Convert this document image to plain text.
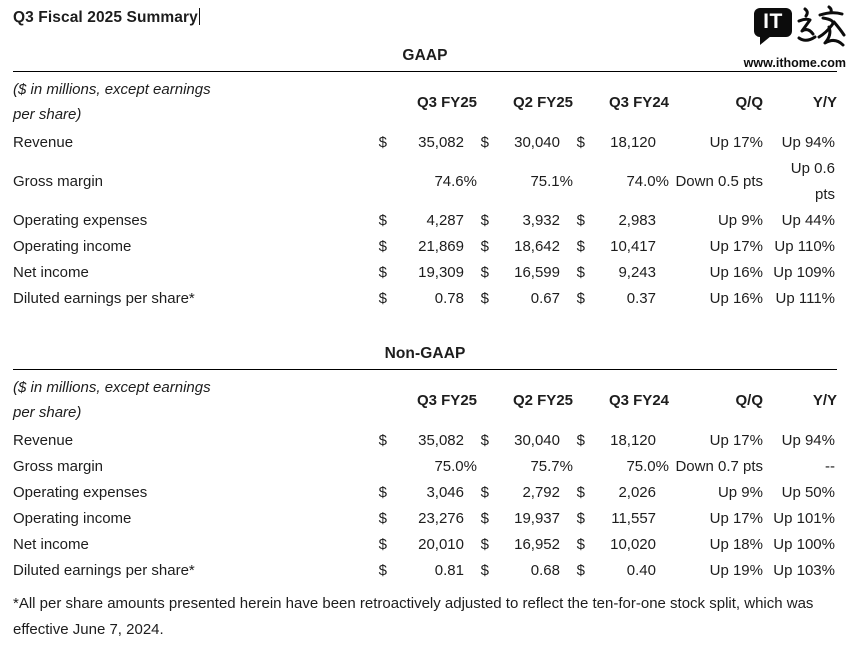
IT
www.ithome.com
Q3 Fiscal 2025 Summary
GAAP
($ in millions, except earnings per share)	Q3 FY25		Q2 FY25		Q3 FY24		Q/Q	Y/Y
Revenue	$	35,082	$	30,040	$	18,120	Up 17%	Up 94%
Gross margin		74.6%		75.1%		74.0%	Down 0.5 pts	Up 0.6 pts
Operating expenses	$	4,287	$	3,932	$	2,983	Up 9%	Up 44%
Operating income	$	21,869	$	18,642	$	10,417	Up 17%	Up 110%
Net income	$	19,309	$	16,599	$	9,243	Up 16%	Up 109%
Diluted earnings per share*	$	0.78	$	0.67	$	0.37	Up 16%	Up 111%
Non-GAAP
($ in millions, except earnings per share)	Q3 FY25		Q2 FY25		Q3 FY24		Q/Q	Y/Y
Revenue	$	35,082	$	30,040	$	18,120	Up 17%	Up 94%
Gross margin		75.0%		75.7%		75.0%	Down 0.7 pts	--
Operating expenses	$	3,046	$	2,792	$	2,026	Up 9%	Up 50%
Operating income	$	23,276	$	19,937	$	11,557	Up 17%	Up 101%
Net income	$	20,010	$	16,952	$	10,020	Up 18%	Up 100%
Diluted earnings per share*	$	0.81	$	0.68	$	0.40	Up 19%	Up 103%
*All per share amounts presented herein have been retroactively adjusted to reflect the ten-for-one stock split, which was effective June 7, 2024.
